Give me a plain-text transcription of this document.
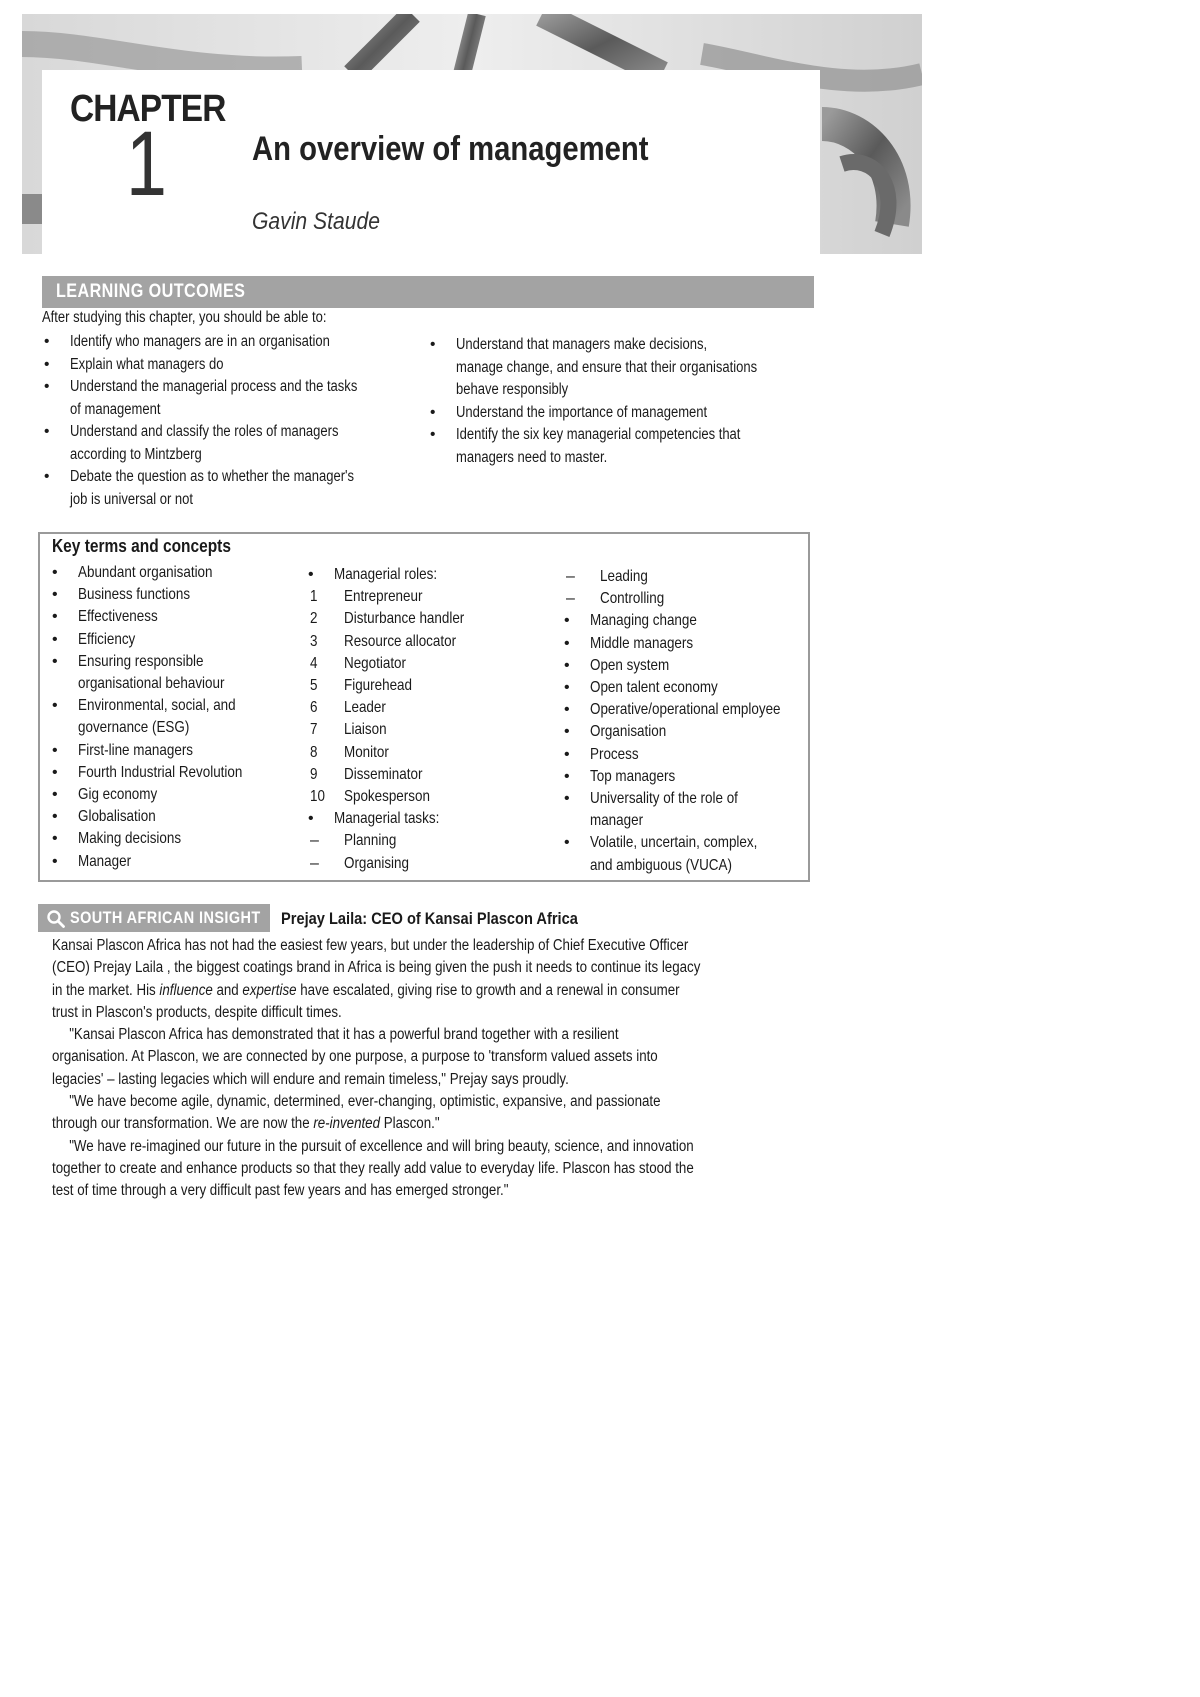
CHAPTER
1	An overview of management
Gavin Staude
LEARNING OUTCOMES
After studying this chapter, you should be able to:
• Identify who managers are in an organisation
• Explain what managers do
• Understand the managerial process and the tasks
of management
• Understand and classify the roles of managers
according to Mintzberg
• Debate the question as to whether the manager's
job is universal or not
• Understand that managers make decisions,
manage change, and ensure that their organisations
behave responsibly
• Understand the importance of management
• Identify the six key managerial competencies that
managers need to master.
Key terms and concepts
• Abundant organisation
• Business functions
• Effectiveness
• Efficiency
• Ensuring responsible
organisational behaviour
• Environmental, social, and
governance (ESG)
• First-line managers
• Fourth Industrial Revolution
• Gig economy
• Globalisation
• Making decisions
• Manager
• Managerial roles:
1 Entrepreneur
2 Disturbance handler
3 Resource allocator
4 Negotiator
5 Figurehead
6 Leader
7 Liaison
8 Monitor
9 Disseminator
10 Spokesperson
• Managerial tasks:
– Planning
– Organising
– Leading
– Controlling
• Managing change
• Middle managers
• Open system
• Open talent economy
• Operative/operational employee
• Organisation
• Process
• Top managers
• Universality of the role of
manager
• Volatile, uncertain, complex,
and ambiguous (VUCA)
SOUTH AFRICAN INSIGHT Prejay Laila: CEO of Kansai Plascon Africa

Kansai Plascon Africa has not had the easiest few years, but under the leadership of Chief Executive Officer
(CEO) Prejay Laila , the biggest coatings brand in Africa is being given the push it needs to continue its legacy
in the market. His influence and expertise have escalated, giving rise to growth and a renewal in consumer
trust in Plascon's products, despite difficult times.

"Kansai Plascon Africa has demonstrated that it has a powerful brand together with a resilient
organisation. At Plascon, we are connected by one purpose, a purpose to 'transform valued assets into
legacies' – lasting legacies which will endure and remain timeless," Prejay says proudly.

"We have become agile, dynamic, determined, ever-changing, optimistic, expansive, and passionate
through our transformation. We are now the re-invented Plascon."

"We have re-imagined our future in the pursuit of excellence and will bring beauty, science, and innovation
together to create and enhance products so that they really add value to everyday life. Plascon has stood the
test of time through a very difficult past few years and has emerged stronger."
